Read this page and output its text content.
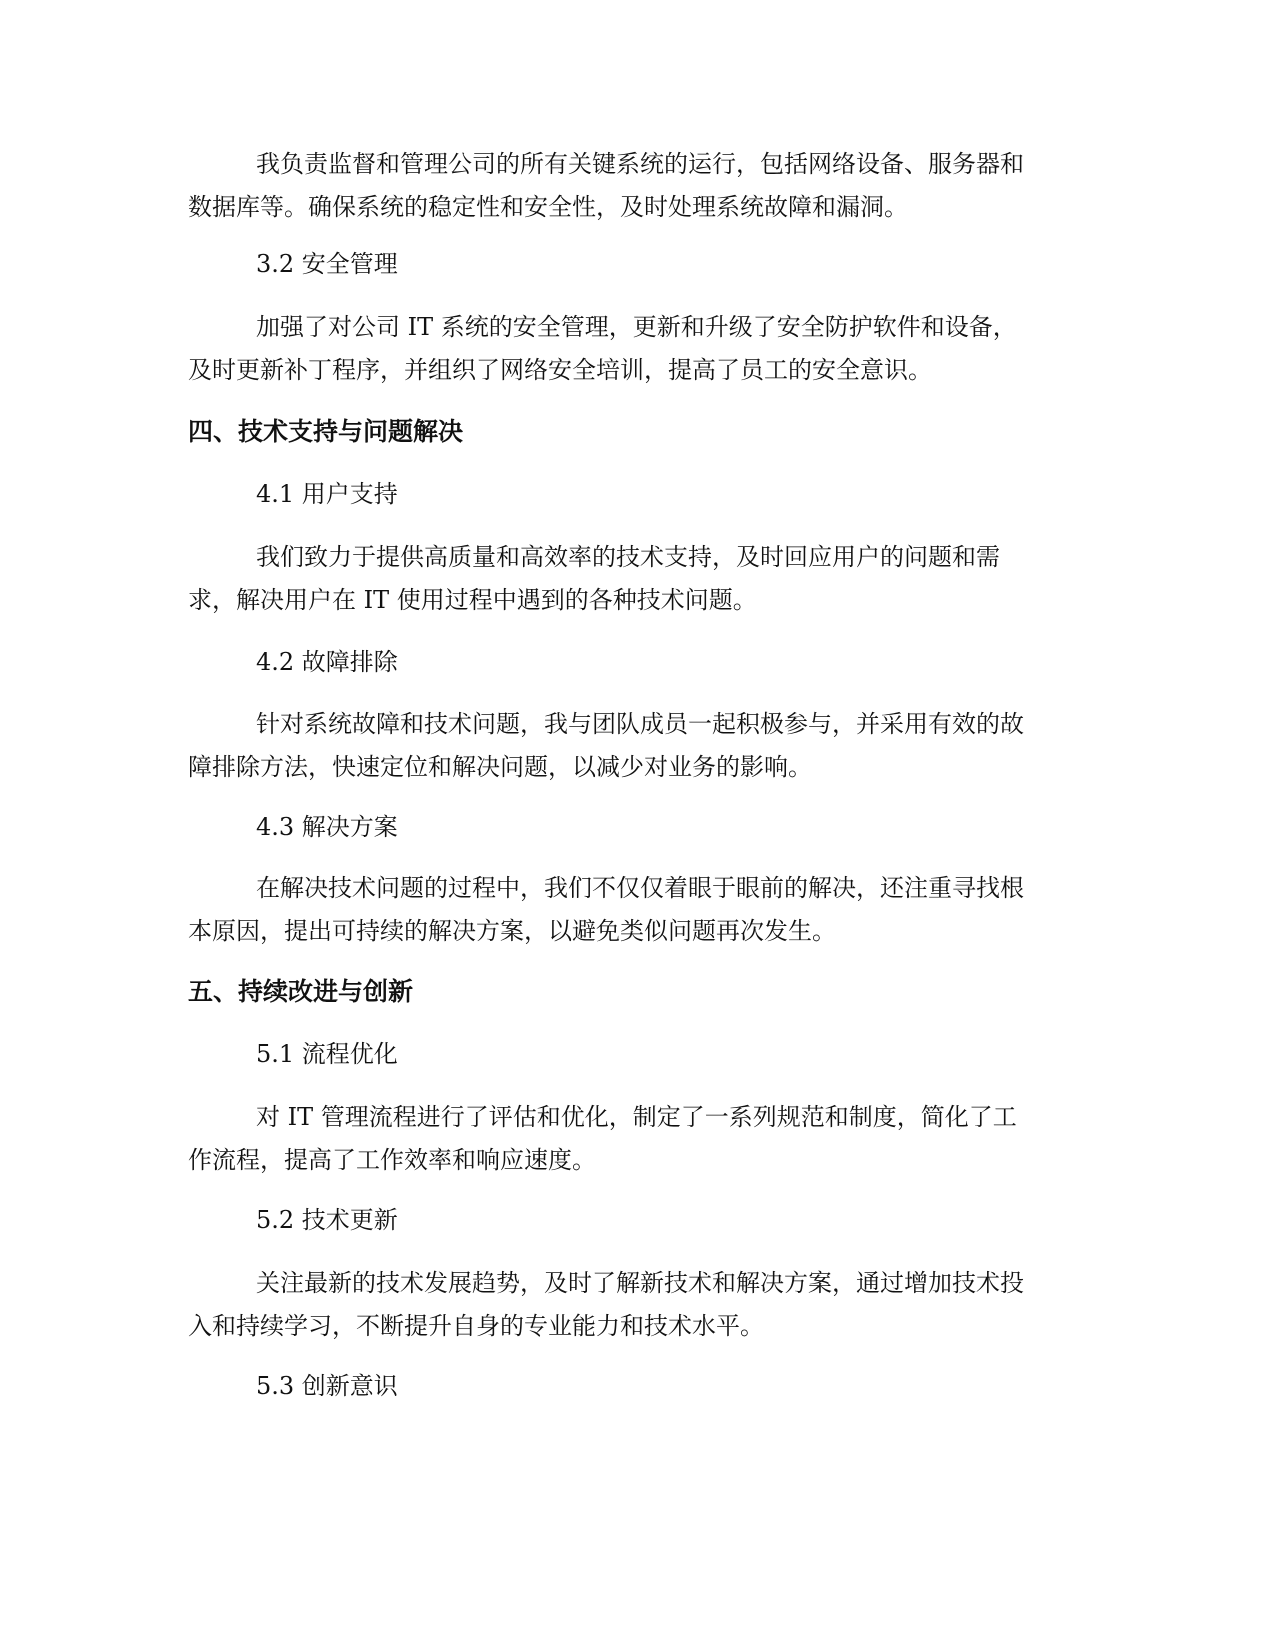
我负责监督和管理公司的所有关键系统的运行，包括网络设备、服务器和
数据库等。确保系统的稳定性和安全性，及时处理系统故障和漏洞。
3.2 安全管理
加强了对公司 IT 系统的安全管理，更新和升级了安全防护软件和设备，
及时更新补丁程序，并组织了网络安全培训，提高了员工的安全意识。
四、技术支持与问题解决
4.1 用户支持
我们致力于提供高质量和高效率的技术支持，及时回应用户的问题和需
求，解决用户在 IT 使用过程中遇到的各种技术问题。
4.2 故障排除
针对系统故障和技术问题，我与团队成员一起积极参与，并采用有效的故
障排除方法，快速定位和解决问题，以减少对业务的影响。
4.3 解决方案
在解决技术问题的过程中，我们不仅仅着眼于眼前的解决，还注重寻找根
本原因，提出可持续的解决方案，以避免类似问题再次发生。
五、持续改进与创新
5.1 流程优化
对 IT 管理流程进行了评估和优化，制定了一系列规范和制度，简化了工
作流程，提高了工作效率和响应速度。
5.2 技术更新
关注最新的技术发展趋势，及时了解新技术和解决方案，通过增加技术投
入和持续学习，不断提升自身的专业能力和技术水平。
5.3 创新意识
